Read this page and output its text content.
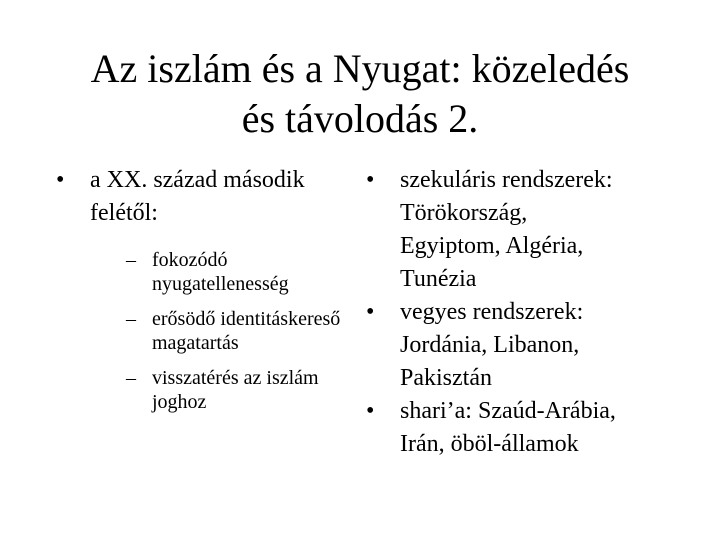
Az iszlám és a Nyugat: közeledés
és távolodás 2.
•	a XX. század második
felétől:
– fokozódó
nyugatellenesség
– erősödő identitáskereső
magatartás
– visszatérés az iszlám
joghoz
•	szekuláris rendszerek:
Törökország,
Egyiptom, Algéria,
Tunézia
•	vegyes rendszerek:
Jordánia, Libanon,
Pakisztán
•	shari’a: Szaúd-Arábia,
Irán, öböl-államok
